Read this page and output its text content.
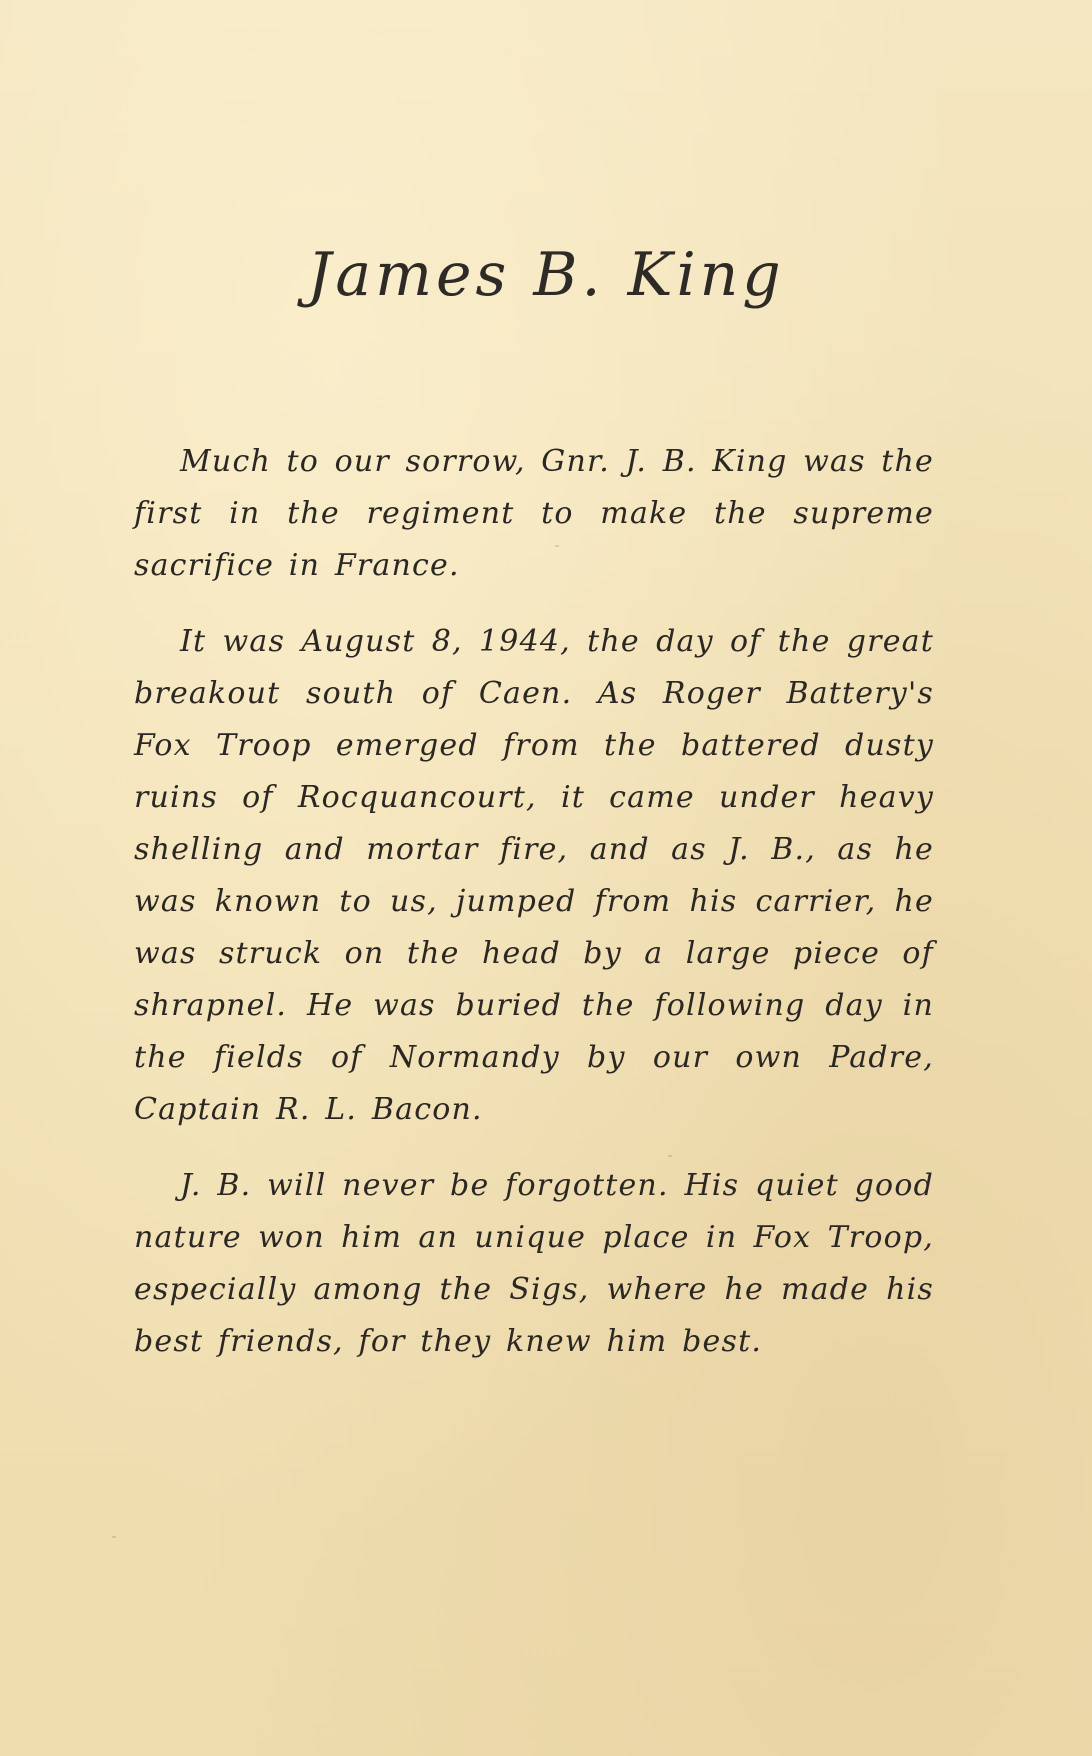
James B. King

Much to our sorrow, Gnr. J. B. King was the first in the regiment to make the supreme sacrifice in France.

It was August 8, 1944, the day of the great breakout south of Caen. As Roger Battery's Fox Troop emerged from the battered dusty ruins of Rocquancourt, it came under heavy shelling and mortar fire, and as J. B., as he was known to us, jumped from his carrier, he was struck on the head by a large piece of shrapnel. He was buried the following day in the fields of Normandy by our own Padre, Captain R. L. Bacon.

J. B. will never be forgotten. His quiet good nature won him an unique place in Fox Troop, especially among the Sigs, where he made his best friends, for they knew him best.
